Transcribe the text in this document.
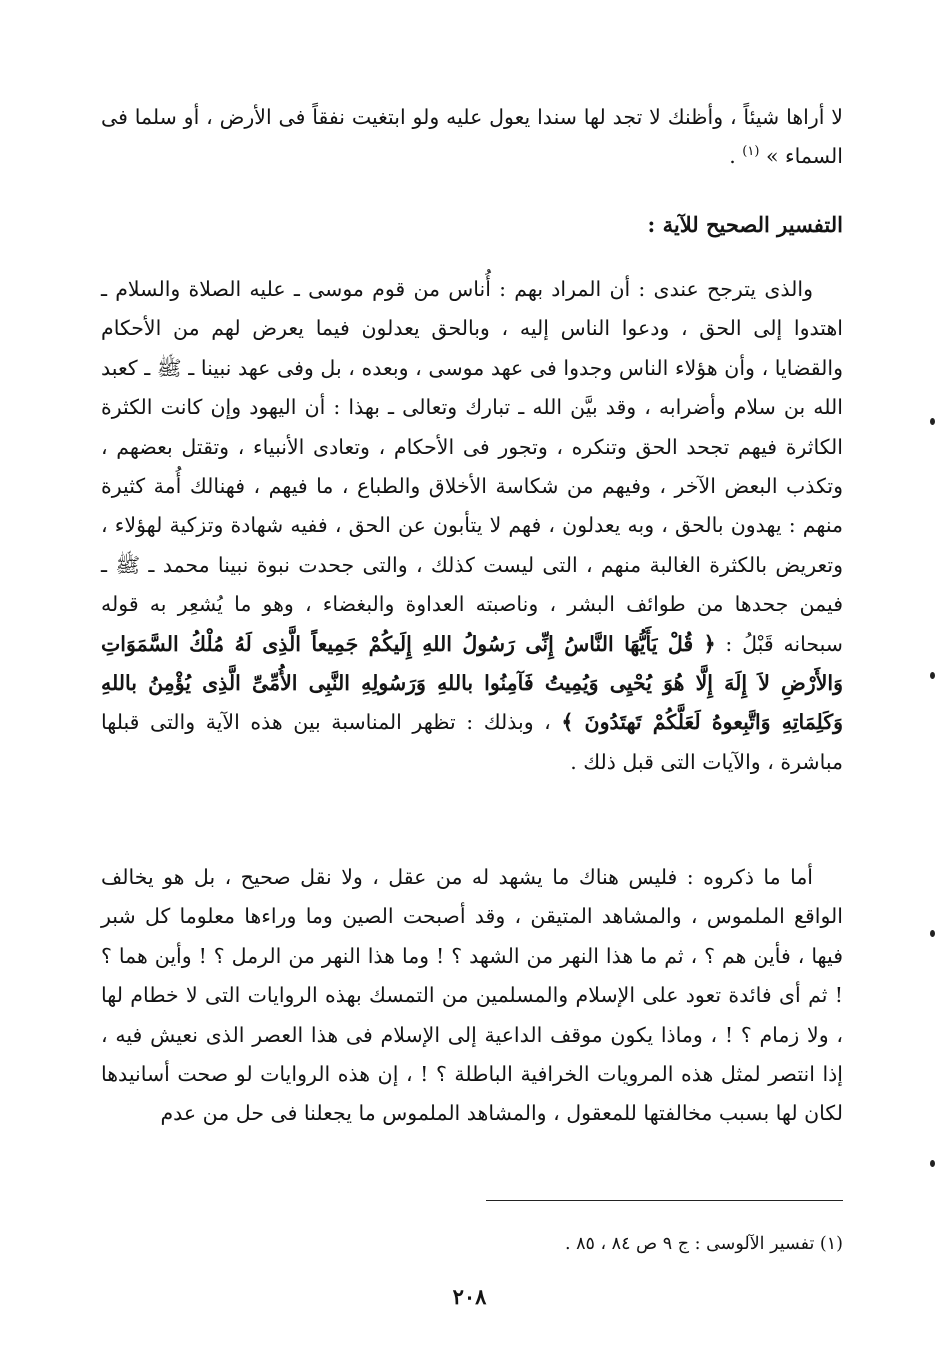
لا أراها شيئاً ، وأظنك لا تجد لها سندا يعول عليه ولو ابتغيت نفقاً فى الأرض ، أو سلما فى السماء » $^{(١)}$ .

التفسير الصحيح للآية :

والذى يترجح عندى : أن المراد بهم : أُناس من قوم موسى ـ عليه الصلاة والسلام ـ اهتدوا إلى الحق ، ودعوا الناس إليه ، وبالحق يعدلون فيما يعرض لهم من الأحكام والقضايا ، وأن هؤلاء الناس وجدوا فى عهد موسى ، وبعده ، بل وفى عهد نبينا ـ ﷺ ـ كعبد الله بن سلام وأضرابه ، وقد بيَّن الله ـ تبارك وتعالى ـ بهذا : أن اليهود وإن كانت الكثرة الكاثرة فيهم تجحد الحق وتنكره ، وتجور فى الأحكام ، وتعادى الأنبياء ، وتقتل بعضهم ، وتكذب البعض الآخر ، وفيهم من شكاسة الأخلاق والطباع ، ما فيهم ، فهنالك أُمة كثيرة منهم : يهدون بالحق ، وبه يعدلون ، فهم لا يتأبون عن الحق ، ففيه شهادة وتزكية لهؤلاء ، وتعريض بالكثرة الغالبة منهم ، التى ليست كذلك ، والتى جحدت نبوة نبينا محمد ـ ﷺ ـ فيمن جحدها من طوائف البشر ، وناصبته العداوة والبغضاء ، وهو ما يُشعِر به قوله سبحانه قَبْلُ : ﴿ قُلْ يَأَيُّهَا النَّاسُ إِنِّى رَسُولُ اللهِ إِلَيكُمْ جَمِيعاً الَّذِى لَهُ مُلْكُ السَّمَوَاتِ وَالأَرْضِ لاَ إِلَهَ إِلَّا هُوَ يُحْيِى وَيُمِيتُ فَآمِنُوا باللهِ وَرَسُولِهِ النَّبِى الأُمِّىِّ الَّذِى يُؤْمِنُ باللهِ وَكَلِمَاتِهِ وَاتَّبِعوهُ لَعَلَّكُمْ تَهتَدُونَ ﴾ ، وبذلك : تظهر المناسبة بين هذه الآية والتى قبلها مباشرة ، والآيات التى قبل ذلك .

أما ما ذكروه : فليس هناك ما يشهد له من عقل ، ولا نقل صحيح ، بل هو يخالف الواقع الملموس ، والمشاهد المتيقن ، وقد أصبحت الصين وما وراءها معلوما كل شبر فيها ، فأين هم ؟ ، ثم ما هذا النهر من الشهد ؟ ! وما هذا النهر من الرمل ؟ ! وأين هما ؟ ! ثم أى فائدة تعود على الإسلام والمسلمين من التمسك بهذه الروايات التى لا خطام لها ، ولا زمام ؟ ! ، وماذا يكون موقف الداعية إلى الإسلام فى هذا العصر الذى نعيش فيه ، إذا انتصر لمثل هذه المرويات الخرافية الباطلة ؟ ! ، إن هذه الروايات لو صحت أسانيدها لكان لها بسبب مخالفتها للمعقول ، والمشاهد الملموس ما يجعلنا فى حل من عدم

(١) تفسير الآلوسى : ج ٩ ص ٨٤ ، ٨٥ .
٢٠٨
